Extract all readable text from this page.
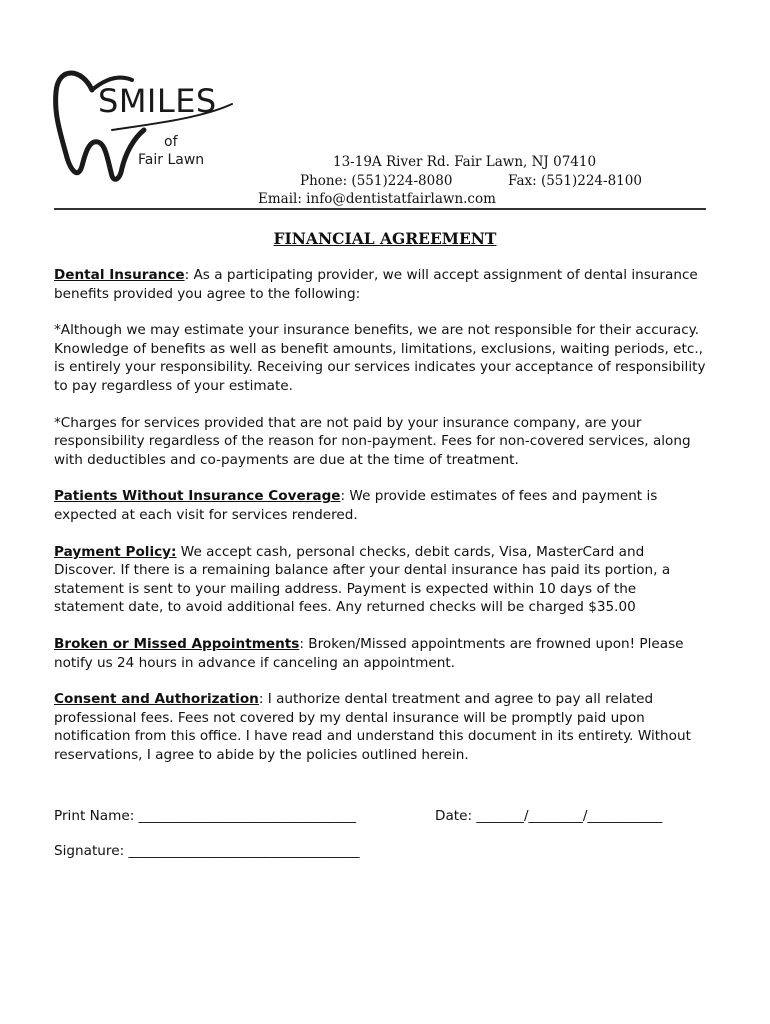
SMILES
of
Fair Lawn	13-19A River Rd. Fair Lawn, NJ 07410
Phone: (551)224-8080	Fax: (551)224-8100
Email: info@dentistatfairlawn.com
FINANCIAL AGREEMENT

Dental Insurance: As a participating provider, we will accept assignment of dental insurance benefits provided you agree to the following:

*Although we may estimate your insurance benefits, we are not responsible for their accuracy. Knowledge of benefits as well as benefit amounts, limitations, exclusions, waiting periods, etc., is entirely your responsibility. Receiving our services indicates your acceptance of responsibility to pay regardless of your estimate.

*Charges for services provided that are not paid by your insurance company, are your responsibility regardless of the reason for non-payment. Fees for non-covered services, along with deductibles and co-payments are due at the time of treatment.

Patients Without Insurance Coverage: We provide estimates of fees and payment is expected at each visit for services rendered.

Payment Policy: We accept cash, personal checks, debit cards, Visa, MasterCard and Discover. If there is a remaining balance after your dental insurance has paid its portion, a statement is sent to your mailing address. Payment is expected within 10 days of the statement date, to avoid additional fees. Any returned checks will be charged $35.00

Broken or Missed Appointments: Broken/Missed appointments are frowned upon! Please notify us 24 hours in advance if canceling an appointment.

Consent and Authorization: I authorize dental treatment and agree to pay all related professional fees. Fees not covered by my dental insurance will be promptly paid upon notification from this office. I have read and understand this document in its entirety. Without reservations, I agree to abide by the policies outlined herein.

Print Name: ________________________________	Date: _______/________/___________
Signature: __________________________________
